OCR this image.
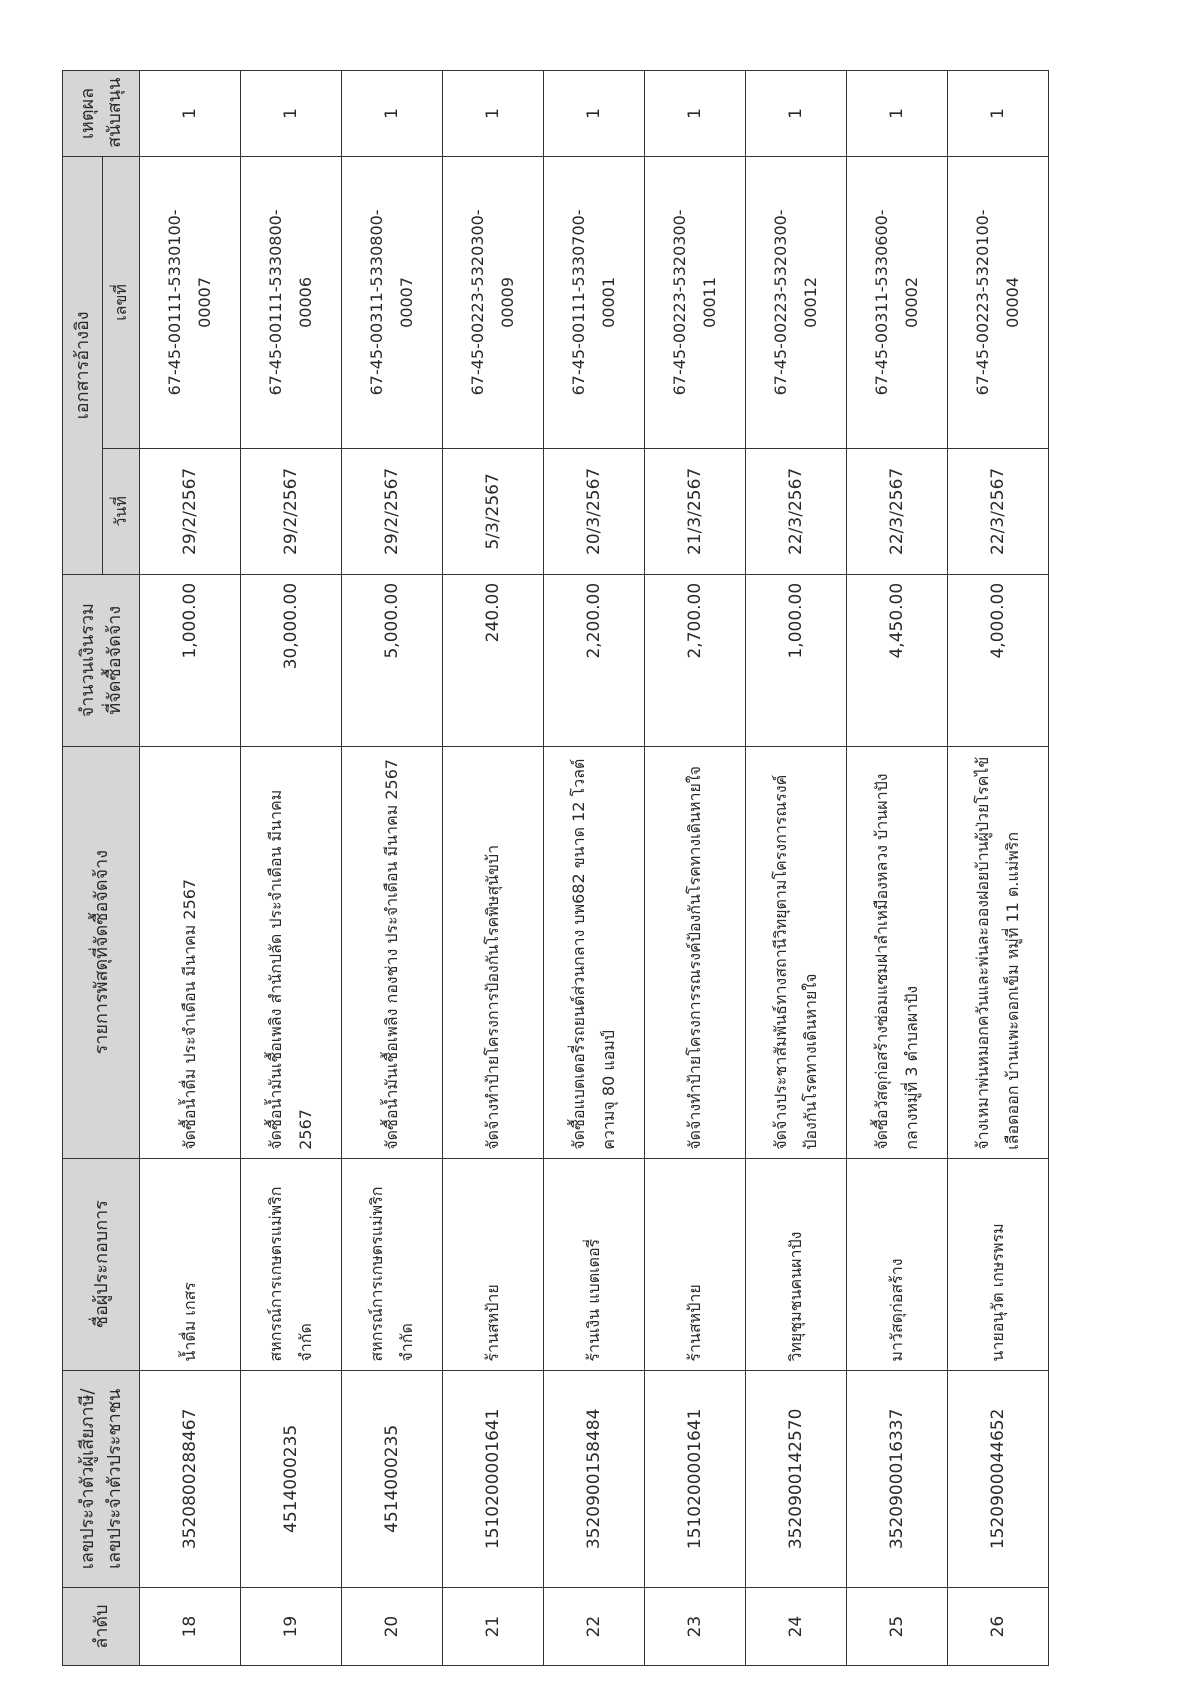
ลำดับ	เลขประจำตัวผู้เสียภาษี/ เลขประจำตัวประชาชน	ชื่อผู้ประกอบการ	รายการพัสดุที่จัดซื้อจัดจ้าง	จำนวนเงินรวม ที่จัดซื้อจัดจ้าง	เอกสารอ้างอิง		เหตุผล สนับสนุน

					วันที่	เลขที่	
18	3520800288467	น้ำดื่ม เกสร	จัดซื้อน้ำดื่ม ประจำเดือน มีนาคม 2567	1,000.00	29/2/2567	67-45-00111-5330100- 00007	1
19	4514000235	สหกรณ์การเกษตรแม่พริก จำกัด	จัดซื้อน้ำมันเชื้อเพลิง สำนักปลัด ประจำเดือน มีนาคม 2567	30,000.00	29/2/2567	67-45-00111-5330800- 00006	1
20	4514000235	สหกรณ์การเกษตรแม่พริก จำกัด	จัดซื้อน้ำมันเชื้อเพลิง กองช่าง ประจำเดือน มีนาคม 2567	5,000.00	29/2/2567	67-45-00311-5330800- 00007	1
21	1510200001641	ร้านสหป้าย	จัดจ้างทำป้ายโครงการป้องกันโรคพิษสุนัขบ้า	240.00	5/3/2567	67-45-00223-5320300- 00009	1
22	3520900158484	ร้านเงิน แบตเตอรี่	จัดซื้อแบตเตอรี่รถยนต์ส่วนกลาง บพ682 ขนาด 12 โวลต์ ความจุ 80 แอมป์	2,200.00	20/3/2567	67-45-00111-5330700- 00001	1
23	1510200001641	ร้านสหป้าย	จัดจ้างทำป้ายโครงการรณรงค์ป้องกันโรคทางเดินหายใจ	2,700.00	21/3/2567	67-45-00223-5320300- 00011	1
24	3520900142570	วิทยุชุมชนคนผาปัง	จัดจ้างประชาสัมพันธ์ทางสถานีวิทยุตามโครงการณรงค์ป้องกันโรคทางเดินหายใจ	1,000.00	22/3/2567	67-45-00223-5320300- 00012	1
25	3520900016337	มาวัสดุก่อสร้าง	จัดซื้อวัสดุก่อสร้างซ่อมแซมฝาลำเหมืองหลวง บ้านผาปังกลางหมู่ที่ 3 ตำบลผาปัง	4,450.00	22/3/2567	67-45-00311-5330600- 00002	1
26	1520900044652	นายอนุวัต เกษรพรม	จ้างเหมาพ่นหมอกควันและพ่นละอองฝอยบ้านผู้ป่วยโรคไข้เลือดออก บ้านแพะดอกเข็ม หมู่ที่ 11 ต.แม่พริก	4,000.00	22/3/2567	67-45-00223-5320100- 00004	1
